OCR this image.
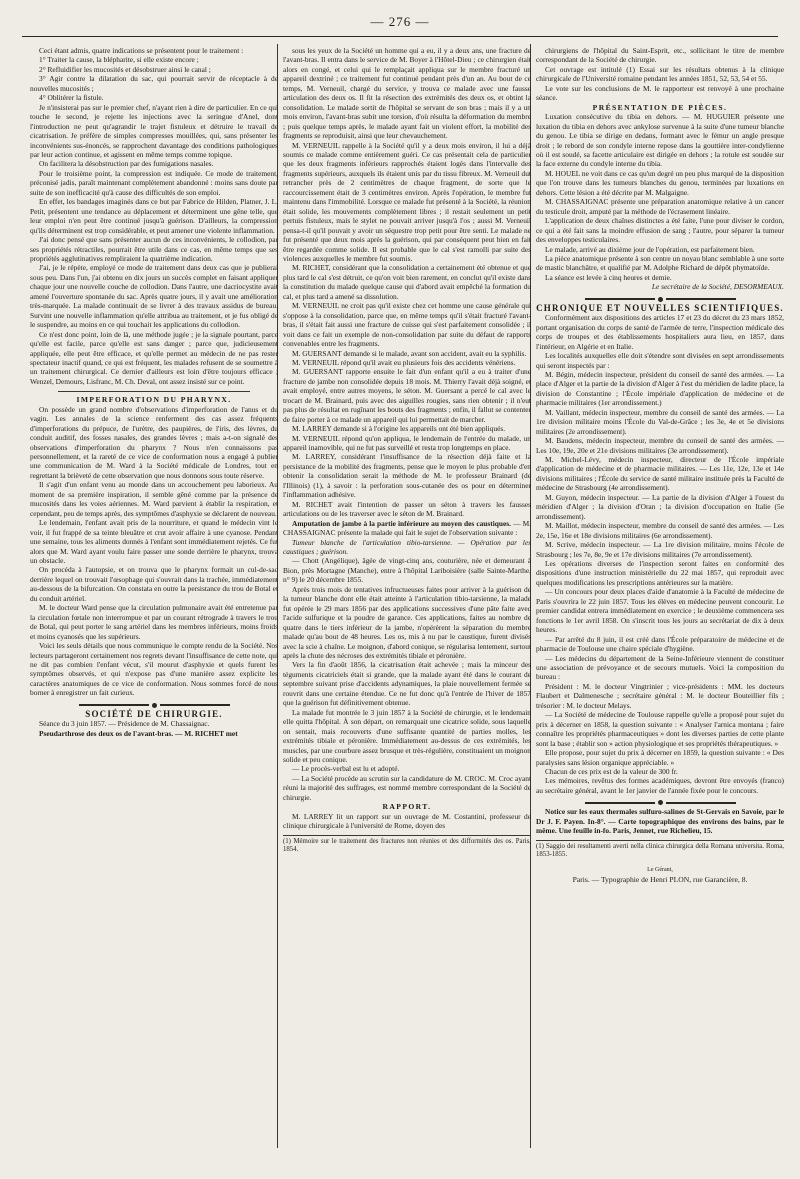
— 276 —

Ceci étant admis, quatre indications se présentent pour le traitement :

1° Traiter la cause, la blépharite, si elle existe encore ;

2° Refluidifier les mucosités et désobstruer ainsi le canal ;

3° Agir contre la dilatation du sac, qui pourrait servir de réceptacle à de nouvelles mucosités ;

4° Oblitérer la fistule.

Je n'insisterai pas sur le premier chef, n'ayant rien à dire de particulier. En ce qui touche le second, je rejette les injections avec la seringue d'Anel, dont l'introduction ne peut qu'agrandir le trajet fistuleux et détruire le travail de cicatrisation. Je préfère de simples compresses mouillées, qui, sans présenter les inconvénients sus-énoncés, se rapprochent davantage des conditions pathologiques par leur action continue, et agissent en même temps comme topique.

On facilitera la désobstruction par des fumigations nasales.

Pour le troisième point, la compression est indiquée. Ce mode de traitement, préconisé jadis, paraît maintenant complètement abandonné : moins sans doute par suite de son inefficacité qu'à cause des difficultés de son emploi.

En effet, les bandages imaginés dans ce but par Fabrice de Hilden, Platner, J. L. Petit, présentent une tendance au déplacement et déterminent une gêne telle, que leur emploi n'en peut être continué jusqu'à guérison. D'ailleurs, la compression qu'ils déterminent est trop considérable, et peut amener une violente inflammation.

J'ai donc pensé que sans présenter aucun de ces inconvénients, le collodion, par ses propriétés rétractiles, pourrait être utile dans ce cas, en même temps que ses propriétés agglutinatives rempliraient la quatrième indication.

J'ai, je le répète, employé ce mode de traitement dans deux cas que je publierai sous peu. Dans l'un, j'ai obtenu en dix jours un succès complet en faisant appliquer chaque jour une nouvelle couche de collodion. Dans l'autre, une dacriocystite avait amené l'ouverture spontanée du sac. Après quatre jours, il y avait une amélioration très-marquée. La malade continuait de se livrer à des travaux assidus de bureau. Survint une nouvelle inflammation qu'elle attribua au traitement, et je fus obligé de le suspendre, au moins en ce qui touchait les applications du collodion.

Ce n'est donc point, loin de là, une méthode jugée ; je la signale pourtant, parce qu'elle est facile, parce qu'elle est sans danger ; parce que, judicieusement appliquée, elle peut être efficace, et qu'elle permet au médecin de ne pas rester spectateur inactif quand, ce qui est fréquent, les malades refusent de se soumettre à un traitement chirurgical. Ce dernier d'ailleurs est loin d'être toujours efficace ; Wenzel, Demours, Lisfranc, M. Ch. Deval, ont assez insisté sur ce point.

IMPERFORATION DU PHARYNX.

On possède un grand nombre d'observations d'imperforation de l'anus et du vagin. Les annales de la science renferment des cas assez fréquents d'imperforations du prépuce, de l'urètre, des paupières, de l'iris, des lèvres, du conduit auditif, des fosses nasales, des grandes lèvres ; mais a-t-on signalé des observations d'imperforation du pharynx ? Nous n'en connaissons pas personnellement, et la rareté de ce vice de conformation nous a engagé à publier une communication de M. Ward à la Société médicale de Londres, tout en regrettant la brièveté de cette observation que nous donnons sous toute réserve.

Il s'agit d'un enfant venu au monde dans un accouchement peu laborieux. Au moment de sa première inspiration, il semble gêné comme par la présence de mucosités dans les voies aériennes. M. Ward parvient à établir la respiration, et cependant, peu de temps après, des symptômes d'asphyxie se déclarent de nouveau.

Le lendemain, l'enfant avait pris de la nourriture, et quand le médecin vint le voir, il fut frappé de sa teinte bleuâtre et crut avoir affaire à une cyanose. Pendant une semaine, tous les aliments donnés à l'enfant sont immédiatement rejetés. Ce fut alors que M. Ward ayant voulu faire passer une sonde derrière le pharynx, trouva un obstacle.

On procéda à l'autopsie, et on trouva que le pharynx formait un cul-de-sac derrière lequel on trouvait l'œsophage qui s'ouvrait dans la trachée, immédiatement au-dessous de la bifurcation. On constata en outre la persistance du trou de Botal et du conduit artériel.

M. le docteur Ward pense que la circulation pulmonaire avait été entretenue par la circulation fœtale non interrompue et par un courant rétrograde à travers le trou de Botal, qui peut porter le sang artériel dans les membres inférieurs, moins froids et moins cyanosés que les supérieurs.

Voici les seuls détails que nous communique le compte rendu de la Société. Nos lecteurs partageront certainement nos regrets devant l'insuffisance de cette note, qui ne dit pas combien l'enfant vécut, s'il mourut d'asphyxie et quels furent les symptômes observés, et qui n'expose pas d'une manière assez explicite les caractères anatomiques de ce vice de conformation. Nous sommes forcé de nous borner à enregistrer un fait curieux.

SOCIÉTÉ DE CHIRURGIE.

Séance du 3 juin 1857. — Présidence de M. Chassaignac.

Pseudarthrose des deux os de l'avant-bras. — M. RICHET met

sous les yeux de la Société un homme qui a eu, il y a deux ans, une fracture de l'avant-bras. Il entra dans le service de M. Boyer à l'Hôtel-Dieu ; ce chirurgien était alors en congé, et celui qui le remplaçait appliqua sur le membre fracturé un appareil dextriné ; ce traitement fut continué pendant près d'un an. Au bout de ce temps, M. Verneuil, chargé du service, y trouva ce malade avec une fausse articulation des deux os. Il fit la résection des extrémités des deux os, et obtint la consolidation. Le malade sortit de l'hôpital se servant de son bras ; mais il y a un mois environ, l'avant-bras subit une torsion, d'où résulta la déformation du membre ; puis quelque temps après, le malade ayant fait un violent effort, la mobilité des fragments se reproduisit, ainsi que leur chevauchement.

M. VERNEUIL rappelle à la Société qu'il y a deux mois environ, il lui a déjà soumis ce malade comme entièrement guéri. Ce cas présentait cela de particulier que les deux fragments inférieurs rapprochés étaient logés dans l'intervalle des fragments supérieurs, auxquels ils étaient unis par du tissu fibreux. M. Verneuil dut retrancher près de 2 centimètres de chaque fragment, de sorte que le raccourcissement était de 3 centimètres environ. Après l'opération, le membre fut maintenu dans l'immobilité. Lorsque ce malade fut présenté à la Société, la réunion était solide, les mouvements complètement libres ; il restait seulement un petit pertuis fistuleux, mais le stylet ne pouvait arriver jusqu'à l'os ; aussi M. Verneuil pensa-t-il qu'il pouvait y avoir un séquestre trop petit pour être senti. Le malade ne fut présenté que deux mois après la guérison, qui par conséquent peut bien en fait être regardée comme solide. Il est probable que le cal s'est ramolli par suite des violences auxquelles le membre fut soumis.

M. RICHET, considérant que la consolidation a certainement été obtenue et que plus tard le cal s'est détruit, ce qu'on voit bien rarement, en conclut qu'il existe dans la constitution du malade quelque cause qui d'abord avait empêché la formation du cal, et plus tard a amené sa dissolution.

M. VERNEUIL ne croit pas qu'il existe chez cet homme une cause générale qui s'oppose à la consolidation, parce que, en même temps qu'il s'était fracturé l'avant-bras, il s'était fait aussi une fracture de cuisse qui s'est parfaitement consolidée ; il voit dans ce fait un exemple de non-consolidation par suite du défaut de rapports convenables entre les fragments.

M. GUERSANT demande si le malade, avant son accident, avait eu la syphilis.

M. VERNEUIL répond qu'il avait eu plusieurs fois des accidents vénériens.

M. GUERSANT rapporte ensuite le fait d'un enfant qu'il a eu à traiter d'une fracture de jambe non consolidée depuis 18 mois. M. Thierry l'avait déjà soigné, et avait employé, entre autres moyens, le séton. M. Guersant a percé le cal avec le trocart de M. Brainard, puis avec des aiguilles rougies, sans rien obtenir ; il n'eut pas plus de résultat en rugînant les bouts des fragments ; enfin, il fallut se contenter de faire porter à ce malade un appareil qui lui permettait de marcher.

M. LARREY demande si à l'origine les appareils ont été bien appliqués.

M. VERNEUIL répond qu'on appliqua, le lendemain de l'entrée du malade, un appareil inamovible, qui ne fut pas surveillé et resta trop longtemps en place.

M. LARREY, considérant l'insuffisance de la résection déjà faite et la persistance de la mobilité des fragments, pense que le moyen le plus probable d'en obtenir la consolidation serait la méthode de M. le professeur Brainard (de l'Illinois) (1), à savoir : la perforation sous-cutanée des os pour en déterminer l'inflammation adhésive.

M. RICHET avait l'intention de passer un séton à travers les fausses articulations ou de les traverser avec le séton de M. Brainard.

Amputation de jambe à la partie inférieure au moyen des caustiques. — M. CHASSAIGNAC présente la malade qui fait le sujet de l'observation suivante :

Tumeur blanche de l'articulation tibio-tarsienne. — Opération par les caustiques ; guérison.

— Chott (Angélique), âgée de vingt-cinq ans, couturière, née et demeurant à Bion, près Mortagne (Manche), entre à l'hôpital Lariboisière (salle Sainte-Marthe, n° 9) le 20 décembre 1855.

Après trois mois de tentatives infructueuses faites pour arriver à la guérison de la tumeur blanche dont elle était atteinte à l'articulation tibio-tarsienne, la malade fut opérée le 29 mars 1856 par des applications successives d'une pâte faite avec l'acide sulfurique et la poudre de garance. Ces applications, faites au nombre de quatre dans le tiers inférieur de la jambe, n'opérèrent la séparation du membre malade qu'au bout de 48 heures. Les os, mis à nu par le caustique, furent divisés avec la scie à chaîne. Le moignon, d'abord conique, se régularisa lentement, surtout après la chute des nécroses des extrémités tibiale et péronière.

Vers la fin d'août 1856, la cicatrisation était achevée ; mais la minceur des téguments cicatriciels était si grande, que la malade ayant été dans le courant de septembre suivant prise d'accidents adynamiques, la plaie nouvellement fermée se rouvrit dans une certaine étendue. Ce ne fut donc qu'à l'entrée de l'hiver de 1857 que la guérison fut définitivement obtenue.

La malade fut montrée le 3 juin 1857 à la Société de chirurgie, et le lendemain elle quitta l'hôpital. À son départ, on remarquait une cicatrice solide, sous laquelle on sentait, mais recouverts d'une suffisante quantité de parties molles, les extrémités tibiale et péronière. Immédiatement au-dessus de ces extrémités, les muscles, par une courbure assez brusque et très-régulière, constituaient un moignon solide et peu conique.

— Le procès-verbal est lu et adopté.

— La Société procède au scrutin sur la candidature de M. CROC. M. Croc ayant réuni la majorité des suffrages, est nommé membre correspondant de la Société de chirurgie.

RAPPORT.

M. LARREY lit un rapport sur un ouvrage de M. Costantini, professeur de clinique chirurgicale à l'université de Rome, doyen des

(1) Mémoire sur le traitement des fractures non réunies et des difformités des os. Paris, 1854.

chirurgiens de l'hôpital du Saint-Esprit, etc., sollicitant le titre de membre correspondant de la Société de chirurgie.

Cet ouvrage est intitulé (1) Essai sur les résultats obtenus à la clinique chirurgicale de l'Université romaine pendant les années 1851, 52, 53, 54 et 55.

Le vote sur les conclusions de M. le rapporteur est renvoyé à une prochaine séance.

PRÉSENTATION DE PIÈCES.

Luxation consécutive du tibia en dehors. — M. HUGUIER présente une luxation du tibia en dehors avec ankylose survenue à la suite d'une tumeur blanche du genou. Le tibia se dirige en dedans, formant avec le fémur un angle presque droit ; le rebord de son condyle interne repose dans la gouttière inter-condylienne où il est soudé, sa facette articulaire est dirigée en dehors ; la rotule est soudée sur la face externe du condyle interne du tibia.

M. HOUEL ne voit dans ce cas qu'un degré un peu plus marqué de la disposition que l'on trouve dans les tumeurs blanches du genou, terminées par luxations en dehors. Cette lésion a été décrite par M. Malgaigne.

M. CHASSAIGNAC présente une préparation anatomique relative à un cancer du testicule droit, amputé par la méthode de l'écrasement linéaire.

L'application de deux chaînes distinctes a été faite, l'une pour diviser le cordon, ce qui a été fait sans la moindre effusion de sang ; l'autre, pour séparer la tumeur des enveloppes testiculaires.

Le malade, arrivé au dixième jour de l'opération, est parfaitement bien.

La pièce anatomique présente à son centre un noyau blanc semblable à une sorte de mastic blanchâtre, et qualifié par M. Adolphe Richard de dépôt phymatoïde.

La séance est levée à cinq heures et demie.

Le secrétaire de la Société, DESORMEAUX.

CHRONIQUE ET NOUVELLES SCIENTIFIQUES.

Conformément aux dispositions des articles 17 et 23 du décret du 23 mars 1852, portant organisation du corps de santé de l'armée de terre, l'inspection médicale des corps de troupes et des établissements hospitaliers aura lieu, en 1857, dans l'intérieur, en Algérie et en Italie.

Les localités auxquelles elle doit s'étendre sont divisées en sept arrondissements qui seront inspectés par :

M. Bégin, médecin inspecteur, président du conseil de santé des armées. — La place d'Alger et la partie de la division d'Alger à l'est du méridien de ladite place, la division de Constantine ; l'École impériale d'application de médecine et de pharmacie militaires (1er arrondissement.)

M. Vaillant, médecin inspecteur, membre du conseil de santé des armées. — La 1re division militaire moins l'École du Val-de-Grâce ; les 3e, 4e et 5e divisions militaires (2e arrondissement).

M. Baudens, médecin inspecteur, membre du conseil de santé des armées. — Les 10e, 19e, 20e et 21e divisions militaires (3e arrondissement).

M. Michel-Lévy, médecin inspecteur, directeur de l'École impériale d'application de médecine et de pharmacie militaires. — Les 11e, 12e, 13e et 14e divisions militaires ; l'École du service de santé militaire instituée près la Faculté de médecine de Strasbourg (4e arrondissement).

M. Guyon, médecin inspecteur. — La partie de la division d'Alger à l'ouest du méridien d'Alger ; la division d'Oran ; la division d'occupation en Italie (5e arrondissement).

M. Maillot, médecin inspecteur, membre du conseil de santé des armées. — Les 2e, 15e, 16e et 18e divisions militaires (6e arrondissement).

M. Scrive, médecin inspecteur. — La 1re division militaire, moins l'école de Strasbourg ; les 7e, 8e, 9e et 17e divisions militaires (7e arrondissement).

Les opérations diverses de l'inspection seront faites en conformité des dispositions d'une instruction ministérielle du 22 mai 1857, qui reproduit avec quelques modifications les prescriptions antérieures sur la matière.

— Un concours pour deux places d'aide d'anatomie à la Faculté de médecine de Paris s'ouvrira le 22 juin 1857. Tous les élèves en médecine peuvent concourir. Le premier candidat entrera immédiatement en exercice ; le deuxième commencera ses fonctions le 1er avril 1858. On s'inscrit tous les jours au secrétariat de dix à deux heures.

— Par arrêté du 8 juin, il est créé dans l'École préparatoire de médecine et de pharmacie de Toulouse une chaire spéciale d'hygiène.

— Les médecins du département de la Seine-Inférieure viennent de constituer une association de prévoyance et de secours mutuels. Voici la composition du bureau :

Président : M. le docteur Vingtrinier ; vice-présidents : MM. les docteurs Flaubert et Dalmenesche ; secrétaire général : M. le docteur Bouteillier fils ; trésorier : M. le docteur Melays.

— La Société de médecine de Toulouse rappelle qu'elle a proposé pour sujet du prix à décerner en 1858, la question suivante : « Analyser l'arnica montana ; faire connaître les propriétés pharmaceutiques » dont les diverses parties de cette plante sont la base ; établir son » action physiologique et ses propriétés thérapeutiques. »

Elle propose, pour sujet du prix à décerner en 1859, la question suivante : « Des paralysies sans lésion organique appréciable. »

Chacun de ces prix est de la valeur de 300 fr.

Les mémoires, revêtus des formes académiques, devront être envoyés (franco) au secrétaire général, avant le 1er janvier de l'année fixée pour le concours.

Notice sur les eaux thermales sulfuro-salines de St-Gervais en Savoie, par le Dr J. F. Payen. In-8°. — Carte topographique des environs des bains, par le même. Une feuille in-fo. Paris, Jennet, rue Richelieu, 15.

(1) Saggio dei resultamenti averti nella clinica chirurgica della Romana universita. Roma, 1853-1855.
Le Gérant,
Paris. — Typographie de Henri PLON, rue Garancière, 8.
